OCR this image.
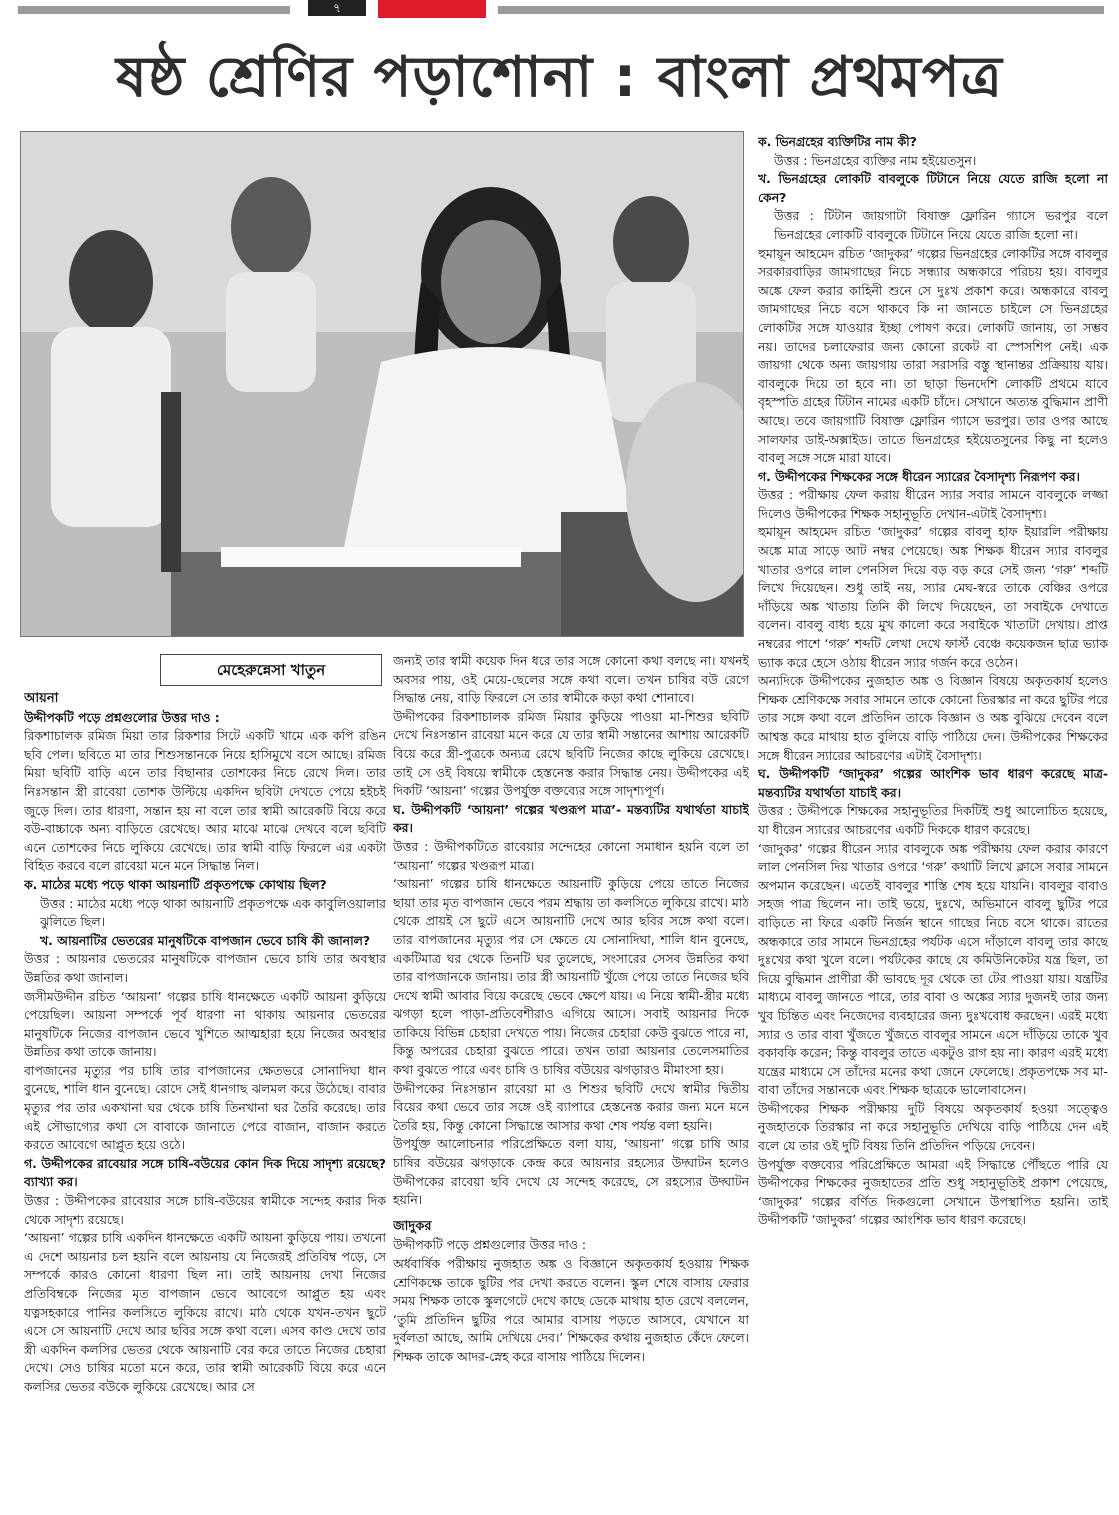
৭
ষষ্ঠ শ্রেণির পড়াশোনা : বাংলা প্রথমপত্র
মেহেরুন্নেসা খাতুন

আয়না

উদ্দীপকটি পড়ে প্রশ্নগুলোর উত্তর দাও :

রিকশাচালক রমিজ মিয়া তার রিকশার সিটে একটি খামে এক কপি রঙিন ছবি পেল। ছবিতে মা তার শিশুসন্তানকে নিয়ে হাসিমুখে বসে আছে। রমিজ মিয়া ছবিটি বাড়ি এনে তার বিছানার তোশকের নিচে রেখে দিল। তার নিঃসন্তান স্ত্রী রাবেয়া তোশক উল্টিয়ে একদিন ছবিটা দেখতে পেয়ে হইচই জুড়ে দিল। তার ধারণা, সন্তান হয় না বলে তার স্বামী আরেকটি বিয়ে করে বউ-বাচ্চাকে অন্য বাড়িতে রেখেছে। আর মাঝে মাঝে দেখবে বলে ছবিটি এনে তোশকের নিচে লুকিয়ে রেখেছে। তার স্বামী বাড়ি ফিরলে এর একটা বিহিত করবে বলে রাবেয়া মনে মনে সিদ্ধান্ত নিল।

ক. মাঠের মধ্যে পড়ে থাকা আয়নাটি প্রকৃতপক্ষে কোথায় ছিল?

উত্তর : মাঠের মধ্যে পড়ে থাকা আয়নাটি প্রকৃতপক্ষে এক কাবুলিওয়ালার ঝুলিতে ছিল।

খ. আয়নাটির ভেতরের মানুষটিকে বাপজান ভেবে চাষি কী জানাল?

উত্তর : আয়নার ভেতরের মানুষটিকে বাপজান ভেবে চাষি তার অবস্থার উন্নতির কথা জানাল।

জসীমউদ্দীন রচিত ‘আয়না’ গল্পের চাষি ধানক্ষেতে একটি আয়না কুড়িয়ে পেয়েছিল। আয়না সম্পর্কে পূর্ব ধারণা না থাকায় আয়নার ভেতরের মানুষটিকে নিজের বাপজান ভেবে খুশিতে আত্মহারা হয়ে নিজের অবস্থার উন্নতির কথা তাকে জানায়।

বাপজানের মৃত্যুর পর চাষি তার বাপজানের ক্ষেতভরে সোনাদিঘা ধান বুনেছে, শালি ধান বুনেছে। রোদে সেই ধানগাছ ঝলমল করে উঠেছে। বাবার মৃত্যুর পর তার একখানা ঘর থেকে চাষি তিনখানা ঘর তৈরি করেছে। তার এই সৌভাগ্যের কথা সে বাবাকে জানাতে পেরে বাজান, বাজান করতে করতে আবেগে আপ্লুত হয়ে ওঠে।

গ. উদ্দীপকের রাবেয়ার সঙ্গে চাষি-বউয়ের কোন দিক দিয়ে সাদৃশ্য রয়েছে? ব্যাখ্যা কর।

উত্তর : উদ্দীপকের রাবেয়ার সঙ্গে চাষি-বউয়ের স্বামীকে সন্দেহ করার দিক থেকে সাদৃশ্য রয়েছে।

‘আয়না’ গল্পের চাষি একদিন ধানক্ষেতে একটি আয়না কুড়িয়ে পায়। তখনো এ দেশে আয়নার চল হয়নি বলে আয়নায় যে নিজেরই প্রতিবিম্ব পড়ে, সে সম্পর্কে কারও কোনো ধারণা ছিল না। তাই আয়নায় দেখা নিজের প্রতিবিম্বকে নিজের মৃত বাপজান ভেবে আবেগে আপ্লুত হয় এবং যত্নসহকারে পানির কলসিতে লুকিয়ে রাখে। মাঠ থেকে যখন-তখন ছুটে এসে সে আয়নাটি দেখে আর ছবির সঙ্গে কথা বলে। এসব কাণ্ড দেখে তার স্ত্রী একদিন কলসির ভেতর থেকে আয়নাটি বের করে তাতে নিজের চেহারা দেখে। সেও চাষির মতো মনে করে, তার স্বামী আরেকটি বিয়ে করে এনে কলসির ভেতর বউকে লুকিয়ে রেখেছে। আর সে

জন্যই তার স্বামী কয়েক দিন ধরে তার সঙ্গে কোনো কথা বলছে না। যখনই অবসর পায়, ওই মেয়ে-ছেলের সঙ্গে কথা বলে। তখন চাষির বউ রেগে সিদ্ধান্ত নেয়, বাড়ি ফিরলে সে তার স্বামীকে কড়া কথা শোনাবে।

উদ্দীপকের রিকশাচালক রমিজ মিয়ার কুড়িয়ে পাওয়া মা-শিশুর ছবিটি দেখে নিঃসন্তান রাবেয়া মনে করে যে তার স্বামী সন্তানের আশায় আরেকটি বিয়ে করে স্ত্রী-পুত্রকে অন্যত্র রেখে ছবিটি নিজের কাছে লুকিয়ে রেখেছে। তাই সে ওই বিষয়ে স্বামীকে হেস্তনেস্ত করার সিদ্ধান্ত নেয়। উদ্দীপকের এই দিকটি ‘আয়না’ গল্পের উপর্যুক্ত বক্তব্যের সঙ্গে সাদৃশ্যপূর্ণ।

ঘ. উদ্দীপকটি ‘আয়না’ গল্পের খণ্ডরূপ মাত্র’- মন্তব্যটির যথার্থতা যাচাই কর।

উত্তর : উদ্দীপকটিতে রাবেয়ার সন্দেহের কোনো সমাধান হয়নি বলে তা ‘আয়না’ গল্পের খণ্ডরূপ মাত্র।

‘আয়না’ গল্পের চাষি ধানক্ষেতে আয়নাটি কুড়িয়ে পেয়ে তাতে নিজের ছায়া তার মৃত বাপজান ভেবে পরম শ্রদ্ধায় তা কলসিতে লুকিয়ে রাখে। মাঠ থেকে প্রায়ই সে ছুটে এসে আয়নাটি দেখে আর ছবির সঙ্গে কথা বলে। তার বাপজানের মৃত্যুর পর সে ক্ষেতে যে সোনাদিঘা, শালি ধান বুনেছে, একটিমাত্র ঘর থেকে তিনটি ঘর তুলেছে, সংসারের সেসব উন্নতির কথা তার বাপজানকে জানায়। তার স্ত্রী আয়নাটি খুঁজে পেয়ে তাতে নিজের ছবি দেখে স্বামী আবার বিয়ে করেছে ভেবে ক্ষেপে যায়। এ নিয়ে স্বামী-স্ত্রীর মধ্যে ঝগড়া হলে পাড়া-প্রতিবেশীরাও এগিয়ে আসে। সবাই আয়নার দিকে তাকিয়ে বিভিন্ন চেহারা দেখতে পায়। নিজের চেহারা কেউ বুঝতে পারে না, কিন্তু অপরের চেহারা বুঝতে পারে। তখন তারা আয়নার তেলেসমাতির কথা বুঝতে পারে এবং চাষি ও চাষির বউয়ের ঝগড়ারও মীমাংসা হয়।

উদ্দীপকের নিঃসন্তান রাবেয়া মা ও শিশুর ছবিটি দেখে স্বামীর দ্বিতীয় বিয়ের কথা ভেবে তার সঙ্গে ওই ব্যাপারে হেস্তনেস্ত করার জন্য মনে মনে তৈরি হয়, কিন্তু কোনো সিদ্ধান্তে আসার কথা শেষ পর্যন্ত বলা হয়নি।

উপর্যুক্ত আলোচনার পরিপ্রেক্ষিতে বলা যায়, ‘আয়না’ গল্পে চাষি আর চাষির বউয়ের ঝগড়াকে কেন্দ্র করে আয়নার রহস্যের উদ্ঘাটন হলেও উদ্দীপকের রাবেয়া ছবি দেখে যে সন্দেহ করেছে, সে রহস্যের উদ্ঘাটন হয়নি।

জাদুকর

উদ্দীপকটি পড়ে প্রশ্নগুলোর উত্তর দাও :

অর্ধবার্ষিক পরীক্ষায় নুজহাত অঙ্ক ও বিজ্ঞানে অকৃতকার্য হওয়ায় শিক্ষক শ্রেণিকক্ষে তাকে ছুটির পর দেখা করতে বলেন। স্কুল শেষে বাসায় ফেরার সময় শিক্ষক তাকে স্কুলগেটে দেখে কাছে ডেকে মাথায় হাত রেখে বললেন, ‘তুমি প্রতিদিন ছুটির পরে আমার বাসায় পড়তে আসবে, যেখানে যা দুর্বলতা আছে, আমি দেখিয়ে দেব।’ শিক্ষকের কথায় নুজহাত কেঁদে ফেলে। শিক্ষক তাকে আদর-স্নেহ করে বাসায় পাঠিয়ে দিলেন।

ক. ভিনগ্রহের ব্যক্তিটির নাম কী?

উত্তর : ভিনগ্রহের ব্যক্তির নাম হইয়েতসুন।

খ. ভিনগ্রহের লোকটি বাবলুকে টিটানে নিয়ে যেতে রাজি হলো না কেন?

উত্তর : টিটান জায়গাটা বিষাক্ত ফ্লোরিন গ্যাসে ভরপুর বলে ভিনগ্রহের লোকটি বাবলুকে টিটানে নিয়ে যেতে রাজি হলো না।

হুমায়ূন আহমেদ রচিত ‘জাদুকর’ গল্পের ভিনগ্রহের লোকটির সঙ্গে বাবলুর সরকারবাড়ির জামগাছের নিচে সন্ধ্যার অন্ধকারে পরিচয় হয়। বাবলুর অঙ্কে ফেল করার কাহিনী শুনে সে দুঃখ প্রকাশ করে। অন্ধকারে বাবলু জামগাছের নিচে বসে থাকবে কি না জানতে চাইলে সে ভিনগ্রহের লোকটির সঙ্গে যাওয়ার ইচ্ছা পোষণ করে। লোকটি জানায়, তা সম্ভব নয়। তাদের চলাফেরার জন্য কোনো রকেট বা স্পেসশিপ নেই। এক জায়গা থেকে অন্য জায়গায় তারা সরাসরি বস্তু স্থানান্তর প্রক্রিয়ায় যায়। বাবলুকে দিয়ে তা হবে না। তা ছাড়া ভিনদেশি লোকটি প্রথমে যাবে বৃহস্পতি গ্রহের টিটান নামের একটি চাঁদে। সেখানে অত্যন্ত বুদ্ধিমান প্রাণী আছে। তবে জায়গাটি বিষাক্ত ফ্লোরিন গ্যাসে ভরপুর। তার ওপর আছে সালফার ডাই-অক্সাইড। তাতে ভিনগ্রহের হইয়েতসুনের কিছু না হলেও বাবলু সঙ্গে সঙ্গে মারা যাবে।

গ. উদ্দীপকের শিক্ষকের সঙ্গে ধীরেন স্যারের বৈসাদৃশ্য নিরূপণ কর।

উত্তর : পরীক্ষায় ফেল করায় ধীরেন স্যার সবার সামনে বাবলুকে লজ্জা দিলেও উদ্দীপকের শিক্ষক সহানুভূতি দেখান-এটাই বৈসাদৃশ্য।

হুমায়ূন আহমেদ রচিত ‘জাদুকর’ গল্পের বাবলু হাফ ইয়ারলি পরীক্ষায় অঙ্কে মাত্র সাড়ে আট নম্বর পেয়েছে। অঙ্ক শিক্ষক ধীরেন স্যার বাবলুর খাতার ওপরে লাল পেনসিল দিয়ে বড় বড় করে সেই জন্য ‘গরু’ শব্দটি লিখে দিয়েছেন। শুধু তাই নয়, স্যার মেঘ-স্বরে তাকে বেঞ্চির ওপরে দাঁড়িয়ে অঙ্ক খাতায় তিনি কী লিখে দিয়েছেন, তা সবাইকে দেখাতে বলেন। বাবলু বাধ্য হয়ে মুখ কালো করে সবাইকে খাতাটা দেখায়। প্রাপ্ত নম্বরের পাশে ‘গরু’ শব্দটি লেখা দেখে ফার্স্ট বেঞ্চে কয়েকজন ছাত্র ভ্যাক ভ্যাক করে হেসে ওঠায় ধীরেন স্যার গর্জন করে ওঠেন।

অন্যদিকে উদ্দীপকের নুজহাত অঙ্ক ও বিজ্ঞান বিষয়ে অকৃতকার্য হলেও শিক্ষক শ্রেণিকক্ষে সবার সামনে তাকে কোনো তিরস্কার না করে ছুটির পরে তার সঙ্গে কথা বলে প্রতিদিন তাকে বিজ্ঞান ও অঙ্ক বুঝিয়ে দেবেন বলে আশ্বস্ত করে মাথায় হাত বুলিয়ে বাড়ি পাঠিয়ে দেন। উদ্দীপকের শিক্ষকের সঙ্গে ধীরেন স্যারের আচরণের এটাই বৈসাদৃশ্য।

ঘ. উদ্দীপকটি ‘জাদুকর’ গল্পের আংশিক ভাব ধারণ করেছে মাত্র- মন্তব্যটির যথার্থতা যাচাই কর।

উত্তর : উদ্দীপকে শিক্ষকের সহানুভূতির দিকটিই শুধু আলোচিত হয়েছে, যা ধীরেন স্যারের আচরণের একটি দিককে ধারণ করেছে।

‘জাদুকর’ গল্পের ধীরেন স্যার বাবলুকে অঙ্ক পরীক্ষায় ফেল করার কারণে লাল পেনসিল দিয় খাতার ওপরে ‘গরু’ কথাটি লিখে ক্লাসে সবার সামনে অপমান করেছেন। এতেই বাবলুর শাস্তি শেষ হয়ে যায়নি। বাবলুর বাবাও সহজ পাত্র ছিলেন না। তাই ভয়ে, দুঃখে, অভিমানে বাবলু ছুটির পরে বাড়িতে না ফিরে একটি নির্জন স্থানে গাছের নিচে বসে থাকে। রাতের অন্ধকারে তার সামনে ভিনগ্রহের পর্যটক এসে দাঁড়ালে বাবলু তার কাছে দুঃখের কথা খুলে বলে। পর্যটকের কাছে যে কমিউনিকেটর যন্ত্র ছিল, তা দিয়ে বুদ্ধিমান প্রাণীরা কী ভাবছে দূর থেকে তা টের পাওয়া যায়। যন্ত্রটির মাধ্যমে বাবলু জানতে পারে, তার বাবা ও অঙ্কের স্যার দুজনই তার জন্য খুব চিন্তিত এবং নিজেদের ব্যবহারের জন্য দুঃখবোধ করছেন। এরই মধ্যে স্যার ও তার বাবা খুঁজতে খুঁজতে বাবলুর সামনে এসে দাঁড়িয়ে তাকে খুব বকাবকি করেন; কিন্তু বাবলুর তাতে একটুও রাগ হয় না। কারণ এরই মধ্যে যন্ত্রের মাধ্যমে সে তাঁদের মনের কথা জেনে ফেলেছে। প্রকৃতপক্ষে সব মা-বাবা তাঁদের সন্তানকে এবং শিক্ষক ছাত্রকে ভালোবাসেন।

উদ্দীপকের শিক্ষক পরীক্ষায় দুটি বিষয়ে অকৃতকার্য হওয়া সত্ত্বেও নুজহাতকে তিরস্কার না করে সহানুভূতি দেখিয়ে বাড়ি পাঠিয়ে দেন এই বলে যে তার ওই দুটি বিষয় তিনি প্রতিদিন পড়িয়ে দেবেন।

উপর্যুক্ত বক্তব্যের পরিপ্রেক্ষিতে আমরা এই সিদ্ধান্তে পৌঁছতে পারি যে উদ্দীপকের শিক্ষকের নুজহাতের প্রতি শুধু সহানুভূতিই প্রকাশ পেয়েছে, ‘জাদুকর’ গল্পের বর্ণিত দিকগুলো সেখানে উপস্থাপিত হয়নি। তাই উদ্দীপকটি ‘জাদুকর’ গল্পের আংশিক ভাব ধারণ করেছে।
